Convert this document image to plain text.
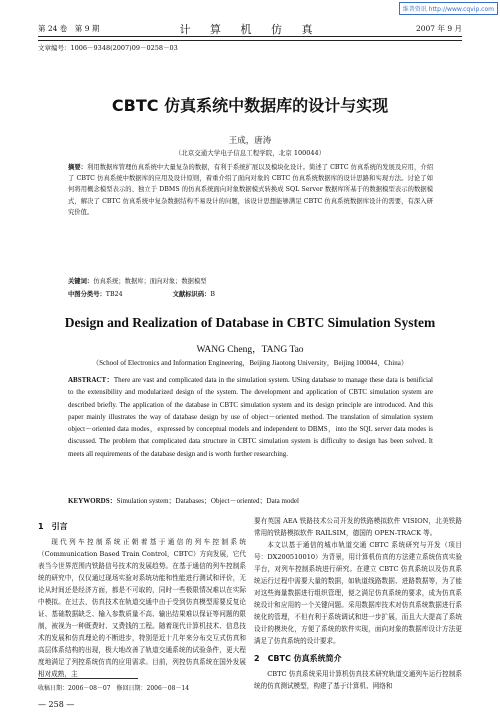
维普资讯 http://www.cqvip.com
第 24 卷　第 9 期	计 算 机 仿 真	2007 年 9 月
文章编号：1006－9348(2007)09－0258－03
CBTC 仿真系统中数据库的设计与实现
王成，唐涛
（北京交通大学电子信息工程学院，北京 100044）
摘要：利用数据库管理仿真系统中大量复杂的数据，有利于系统扩展以及模块化设计。简述了 CBTC 仿真系统的发展及应用，介绍了 CBTC 仿真系统中数据库的应用及设计原则，着重介绍了面向对象的 CBTC 仿真系统数据库的设计思路和实现方法。讨论了如何将用概念模型表示的、独立于 DBMS 的仿真系统面向对象数据模式转换成 SQL Server 数据库所基于的数据模型表示的数据模式，解决了 CBTC 仿真系统中复杂数据结构不易设计的问题，该设计思想能够满足 CBTC 仿真系统数据库设计的需要，有深入研究价值。
关键词：仿真系统；数据库；面向对象；数据模型
中图分类号：TB24	文献标识码：B
Design and Realization of Database in CBTC Simulation System
WANG Cheng，TANG Tao
（School of Electronics and Information Engineering，Beijing Jiaotong University，Beijing 100044，China）
ABSTRACT：There are vast and complicated data in the simulation system. USing database to manage these data is benificial to the extensibility and modularized design of the system. The development and application of CBTC simulation system are described briefly. The application of the database in CBTC simulation system and its design principle are introduced. And this paper mainly illustrates the way of database design by use of object－oriented method. The translation of simulation system object－oriented data modes，expressed by conceptual models and independent to DBMS，into the SQL server data modes is discussed. The problem that complicated data structure in CBTC simulation system is difficulty to design has been solved. It meets all requirements of the database design and is worth further researching.
KEYWORDS：Simulation system；Databases；Object－oriented；Data model
1　引言

现代列车控制系统正朝着基于通信的列车控制系统（Communication Based Train Control，CBTC）方向发展，它代表当今世界范围内铁路信号技术的发展趋势。在基于通信的列车控制系统的研究中，仅仅通过现场实验对系统功能和性能进行测试和评价，无论从时间还是经济方面，都是不可取的，同时一些极限情况难以在实际中模拟。在过去，仿真技术在轨道交通中由于受到仿真模型需要反复论证、基础数据缺乏、输入参数质量不高、输出结果难以保证等问题的限制，被视为一种既费时、又费钱的工程。随着现代计算机技术、信息技术的发展和仿真理论的不断进步，特别是近十几年来分布交互式仿真和高层体系结构的出现，极大地改善了轨道交通系统的试验条件，更大程度地满足了列控系统仿真的应用需求。目前，列控仿真系统在国外发展相对成熟，主

要有英国 AEA 铁路技术公司开发的铁路模拟软件 VISION，北美铁路常用的铁路模拟软件 RAILSIM，德国的 OPEN-TRACK 等。

本文以基于通信的城市轨道交通 CBTC 系统研究与开发（项目号：DX200510010）为背景，用计算机仿真的方法建立系统仿真实验平台，对列车控制系统进行研究。在建立 CBTC 仿真系统以及仿真系统运行过程中需要大量的数据，如轨道线路数据、进路数据等，为了能对这些海量数据进行组织管理，便之满足仿真系统的要求，成为仿真系统设计和应用的一个关键问题。采用数据库技术对仿真系统数据进行系统化的管理，不但有利于系统调试和进一步扩展，而且大大提高了系统设计的模块化，方便了系统的软件实现，面向对象的数据库设计方法更满足了仿真系统的设计要求。

2　CBTC 仿真系统简介

CBTC 仿真系统采用计算机仿真技术研究轨道交通列车运行控制系统的仿真测试模型，构建了基于计算机、网络和

收稿日期：2006－08－07　修回日期：2006－08－14
— 258 —
